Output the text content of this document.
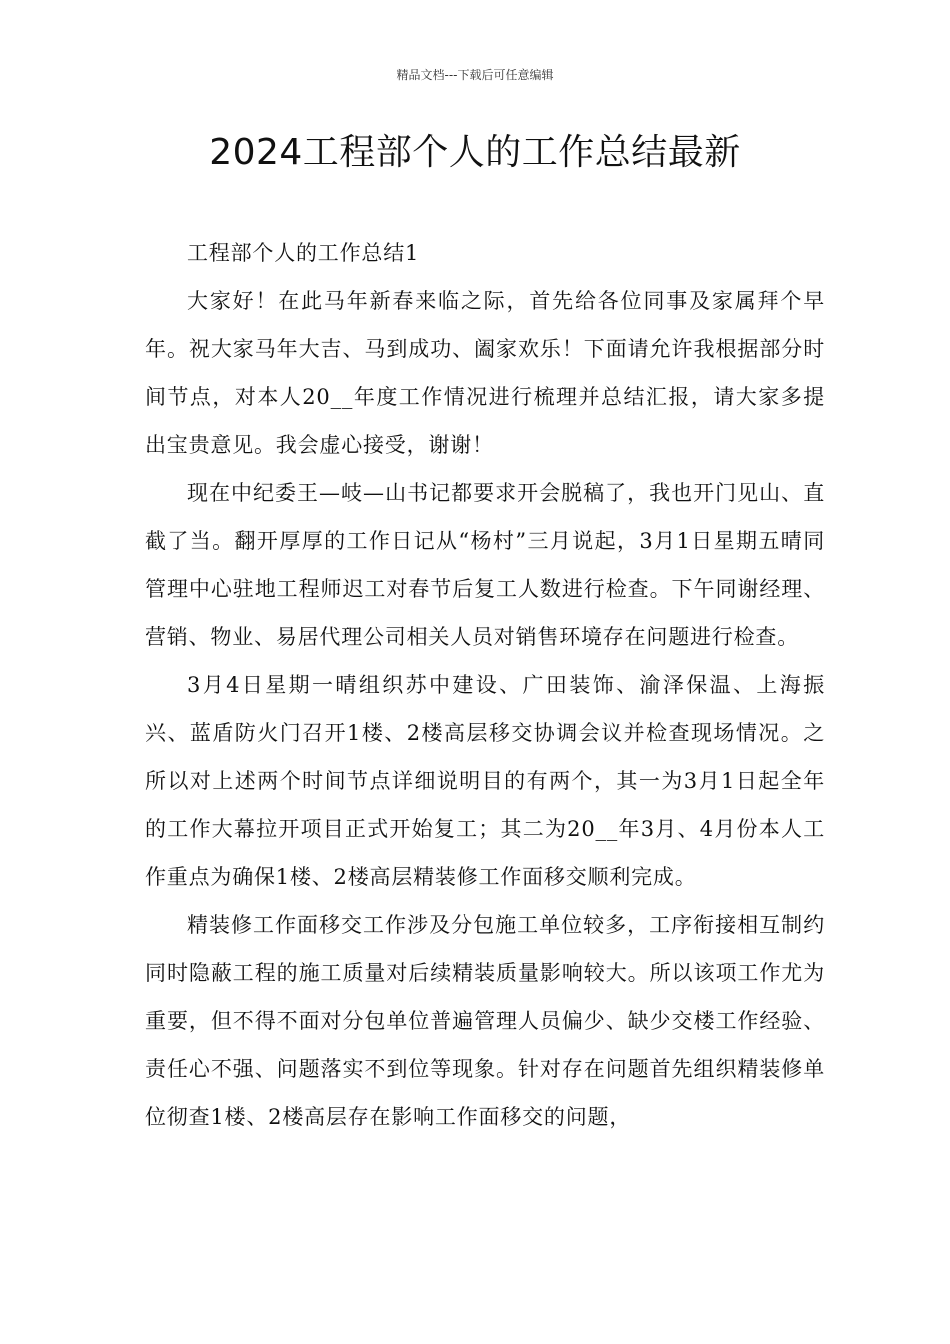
精品文档---下载后可任意编辑
2024工程部个人的工作总结最新

工程部个人的工作总结1

大家好！在此马年新春来临之际，首先给各位同事及家属拜个早年。祝大家马年大吉、马到成功、阖家欢乐！下面请允许我根据部分时间节点，对本人20__年度工作情况进行梳理并总结汇报，请大家多提出宝贵意见。我会虚心接受，谢谢！

现在中纪委王—岐—山书记都要求开会脱稿了，我也开门见山、直截了当。翻开厚厚的工作日记从“杨村”三月说起，3月1日星期五晴同管理中心驻地工程师迟工对春节后复工人数进行检查。下午同谢经理、营销、物业、易居代理公司相关人员对销售环境存在问题进行检查。

3月4日星期一晴组织苏中建设、广田装饰、渝泽保温、上海振兴、蓝盾防火门召开1楼、2楼高层移交协调会议并检查现场情况。之所以对上述两个时间节点详细说明目的有两个，其一为3月1日起全年的工作大幕拉开项目正式开始复工；其二为20__年3月、4月份本人工作重点为确保1楼、2楼高层精装修工作面移交顺利完成。

精装修工作面移交工作涉及分包施工单位较多，工序衔接相互制约同时隐蔽工程的施工质量对后续精装质量影响较大。所以该项工作尤为重要，但不得不面对分包单位普遍管理人员偏少、缺少交楼工作经验、责任心不强、问题落实不到位等现象。针对存在问题首先组织精装修单位彻查1楼、2楼高层存在影响工作面移交的问题，
